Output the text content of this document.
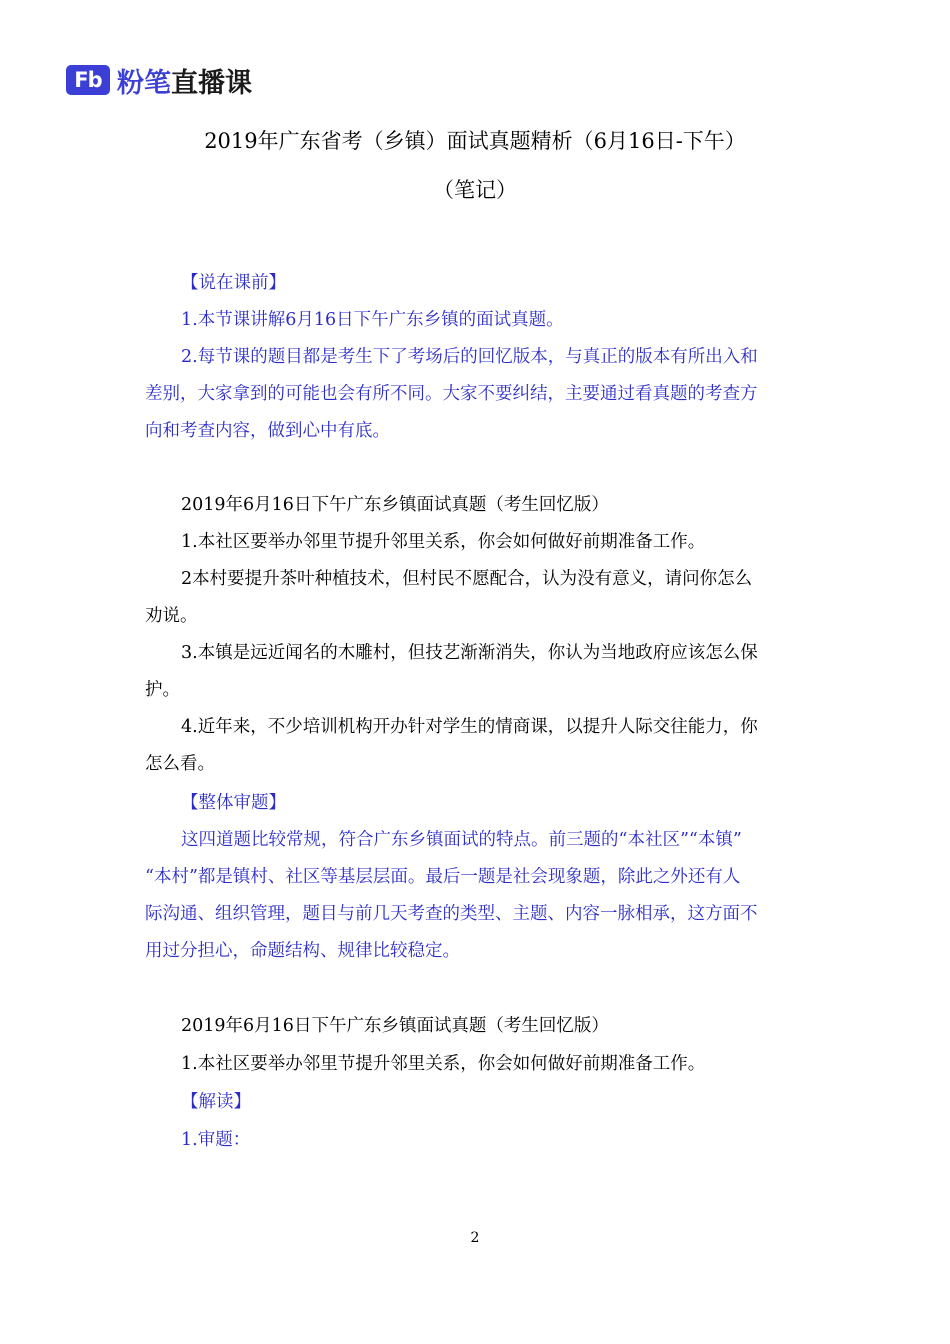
Fb 粉笔 直播课
2019年广东省考（乡镇）面试真题精析（6月16日-下午）
（笔记）
【说在课前】
1.本节课讲解6月16日下午广东乡镇的面试真题。
2.每节课的题目都是考生下了考场后的回忆版本，与真正的版本有所出入和
差别，大家拿到的可能也会有所不同。大家不要纠结，主要通过看真题的考查方
向和考查内容，做到心中有底。
2019年6月16日下午广东乡镇面试真题（考生回忆版）
1.本社区要举办邻里节提升邻里关系，你会如何做好前期准备工作。
2本村要提升茶叶种植技术，但村民不愿配合，认为没有意义，请问你怎么
劝说。
3.本镇是远近闻名的木雕村，但技艺渐渐消失，你认为当地政府应该怎么保
护。
4.近年来，不少培训机构开办针对学生的情商课，以提升人际交往能力，你
怎么看。
【整体审题】
这四道题比较常规，符合广东乡镇面试的特点。前三题的“本社区”“本镇”
“本村”都是镇村、社区等基层层面。最后一题是社会现象题，除此之外还有人
际沟通、组织管理，题目与前几天考查的类型、主题、内容一脉相承，这方面不
用过分担心，命题结构、规律比较稳定。
2019年6月16日下午广东乡镇面试真题（考生回忆版）
1.本社区要举办邻里节提升邻里关系，你会如何做好前期准备工作。
【解读】
1.审题：
2
